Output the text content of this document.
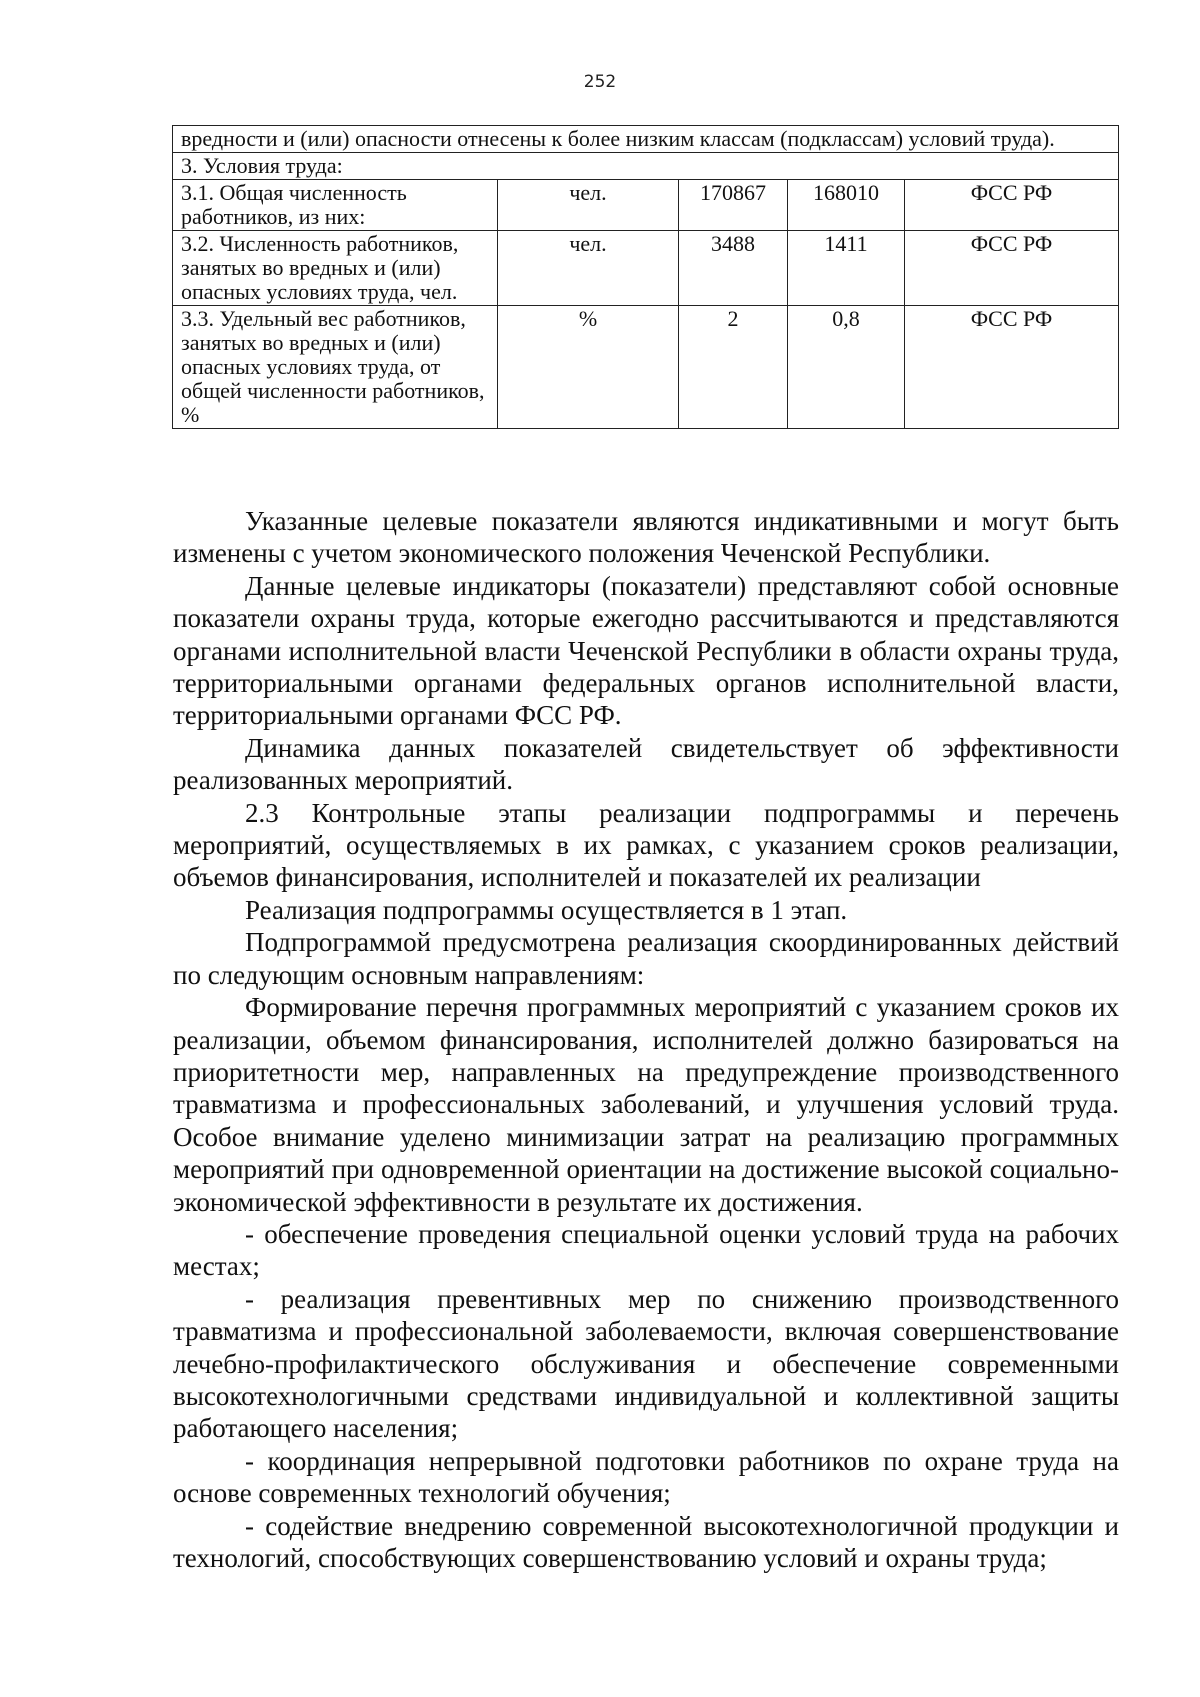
252
вредности и (или) опасности отнесены к более низким классам (подклассам) условий труда).				
3. Условия труда:				
3.1. Общая численность работников, из них:	чел.	170867	168010	ФСС РФ
3.2. Численность работников, занятых во вредных и (или) опасных условиях труда, чел.	чел.	3488	1411	ФСС РФ
3.3. Удельный вес работников, занятых во вредных и (или) опасных условиях труда, от общей численности работников, %	%	2	0,8	ФСС РФ

Указанные целевые показатели являются индикативными и могут быть изменены с учетом экономического положения Чеченской Республики.

Данные целевые индикаторы (показатели) представляют собой основные показатели охраны труда, которые ежегодно рассчитываются и представляются органами исполнительной власти Чеченской Республики в области охраны труда, территориальными органами федеральных органов исполнительной власти, территориальными органами ФСС РФ.

Динамика данных показателей свидетельствует об эффективности реализованных мероприятий.

2.3 Контрольные этапы реализации подпрограммы и перечень мероприятий, осуществляемых в их рамках, с указанием сроков реализации, объемов финансирования, исполнителей и показателей их реализации

Реализация подпрограммы осуществляется в 1 этап.

Подпрограммой предусмотрена реализация скоординированных действий по следующим основным направлениям:

Формирование перечня программных мероприятий с указанием сроков их реализации, объемом финансирования, исполнителей должно базироваться на приоритетности мер, направленных на предупреждение производственного травматизма и профессиональных заболеваний, и улучшения условий труда. Особое внимание уделено минимизации затрат на реализацию программных мероприятий при одновременной ориентации на достижение высокой социально-экономической эффективности в результате их достижения.

- обеспечение проведения специальной оценки условий труда на рабочих местах;

- реализация превентивных мер по снижению производственного травматизма и профессиональной заболеваемости, включая совершенствование лечебно-профилактического обслуживания и обеспечение современными высокотехнологичными средствами индивидуальной и коллективной защиты работающего населения;

- координация непрерывной подготовки работников по охране труда на основе современных технологий обучения;

- содействие внедрению современной высокотехнологичной продукции и технологий, способствующих совершенствованию условий и охраны труда;
